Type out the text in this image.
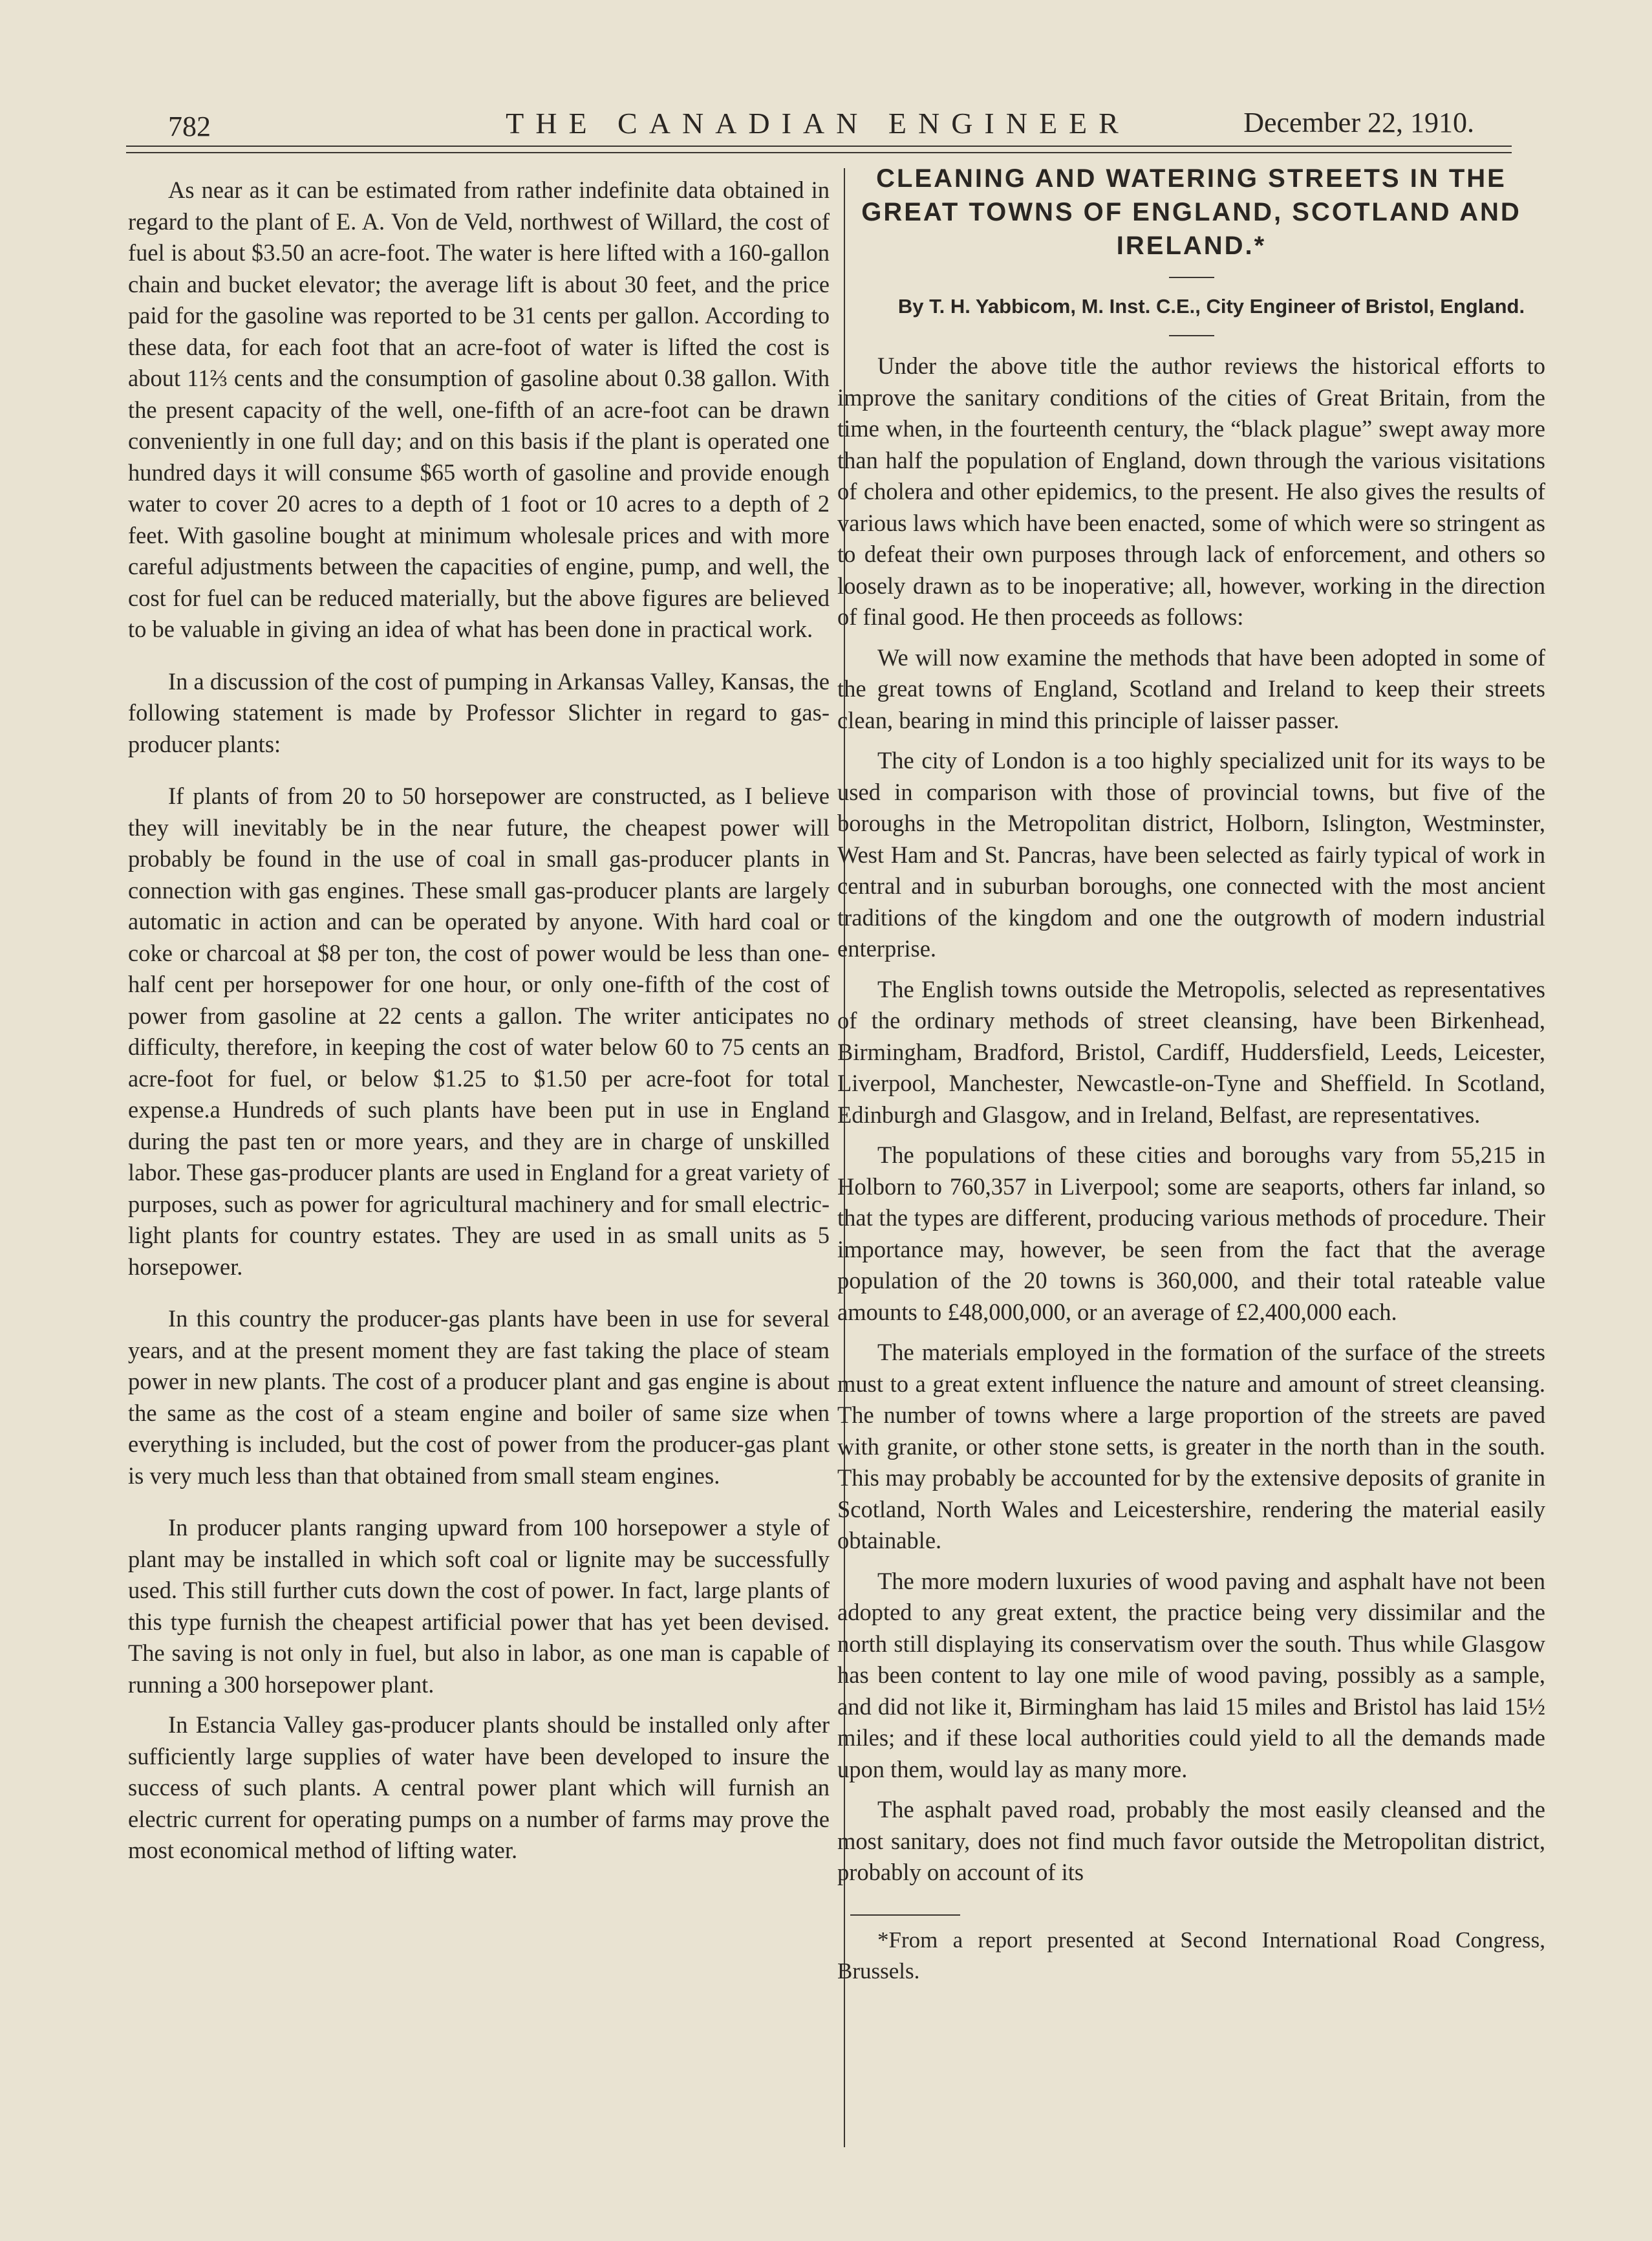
782	THE CANADIAN ENGINEER	December 22, 1910.

As near as it can be estimated from rather indefinite data obtained in regard to the plant of E. A. Von de Veld, northwest of Willard, the cost of fuel is about $3.50 an acre-foot. The water is here lifted with a 160-gallon chain and bucket elevator; the average lift is about 30 feet, and the price paid for the gasoline was reported to be 31 cents per gallon. According to these data, for each foot that an acre-foot of water is lifted the cost is about 11⅔ cents and the consumption of gasoline about 0.38 gallon. With the present capacity of the well, one-fifth of an acre-foot can be drawn conveniently in one full day; and on this basis if the plant is operated one hundred days it will consume $65 worth of gasoline and provide enough water to cover 20 acres to a depth of 1 foot or 10 acres to a depth of 2 feet. With gasoline bought at minimum wholesale prices and with more careful adjustments between the capacities of engine, pump, and well, the cost for fuel can be reduced materially, but the above figures are believed to be valuable in giving an idea of what has been done in practical work.

In a discussion of the cost of pumping in Arkansas Valley, Kansas, the following statement is made by Professor Slichter in regard to gas-producer plants:

If plants of from 20 to 50 horsepower are constructed, as I believe they will inevitably be in the near future, the cheapest power will probably be found in the use of coal in small gas-producer plants in connection with gas engines. These small gas-producer plants are largely automatic in action and can be operated by anyone. With hard coal or coke or charcoal at $8 per ton, the cost of power would be less than one-half cent per horsepower for one hour, or only one-fifth of the cost of power from gasoline at 22 cents a gallon. The writer anticipates no difficulty, therefore, in keeping the cost of water below 60 to 75 cents an acre-foot for fuel, or below $1.25 to $1.50 per acre-foot for total expense.a Hundreds of such plants have been put in use in England during the past ten or more years, and they are in charge of unskilled labor. These gas-producer plants are used in England for a great variety of purposes, such as power for agricultural machinery and for small electric-light plants for country estates. They are used in as small units as 5 horsepower.

In this country the producer-gas plants have been in use for several years, and at the present moment they are fast taking the place of steam power in new plants. The cost of a producer plant and gas engine is about the same as the cost of a steam engine and boiler of same size when everything is included, but the cost of power from the producer-gas plant is very much less than that obtained from small steam engines.

In producer plants ranging upward from 100 horsepower a style of plant may be installed in which soft coal or lignite may be successfully used. This still further cuts down the cost of power. In fact, large plants of this type furnish the cheapest artificial power that has yet been devised. The saving is not only in fuel, but also in labor, as one man is capable of running a 300 horsepower plant.

In Estancia Valley gas-producer plants should be installed only after sufficiently large supplies of water have been developed to insure the success of such plants. A central power plant which will furnish an electric current for operating pumps on a number of farms may prove the most economical method of lifting water.

CLEANING AND WATERING STREETS IN THE GREAT TOWNS OF ENGLAND, SCOTLAND AND IRELAND.*

By T. H. Yabbicom, M. Inst. C.E., City Engineer of Bristol, England.

Under the above title the author reviews the historical efforts to improve the sanitary conditions of the cities of Great Britain, from the time when, in the fourteenth century, the “black plague” swept away more than half the population of England, down through the various visitations of cholera and other epidemics, to the present. He also gives the results of various laws which have been enacted, some of which were so stringent as to defeat their own purposes through lack of enforcement, and others so loosely drawn as to be inoperative; all, however, working in the direction of final good. He then proceeds as follows:

We will now examine the methods that have been adopted in some of the great towns of England, Scotland and Ireland to keep their streets clean, bearing in mind this principle of laisser passer.

The city of London is a too highly specialized unit for its ways to be used in comparison with those of provincial towns, but five of the boroughs in the Metropolitan district, Holborn, Islington, Westminster, West Ham and St. Pancras, have been selected as fairly typical of work in central and in suburban boroughs, one connected with the most ancient traditions of the kingdom and one the outgrowth of modern industrial enterprise.

The English towns outside the Metropolis, selected as representatives of the ordinary methods of street cleansing, have been Birkenhead, Birmingham, Bradford, Bristol, Cardiff, Huddersfield, Leeds, Leicester, Liverpool, Manchester, Newcastle-on-Tyne and Sheffield. In Scotland, Edinburgh and Glasgow, and in Ireland, Belfast, are representatives.

The populations of these cities and boroughs vary from 55,215 in Holborn to 760,357 in Liverpool; some are seaports, others far inland, so that the types are different, producing various methods of procedure. Their importance may, however, be seen from the fact that the average population of the 20 towns is 360,000, and their total rateable value amounts to £48,000,000, or an average of £2,400,000 each.

The materials employed in the formation of the surface of the streets must to a great extent influence the nature and amount of street cleansing. The number of towns where a large proportion of the streets are paved with granite, or other stone setts, is greater in the north than in the south. This may probably be accounted for by the extensive deposits of granite in Scotland, North Wales and Leicestershire, rendering the material easily obtainable.

The more modern luxuries of wood paving and asphalt have not been adopted to any great extent, the practice being very dissimilar and the north still displaying its conservatism over the south. Thus while Glasgow has been content to lay one mile of wood paving, possibly as a sample, and did not like it, Birmingham has laid 15 miles and Bristol has laid 15½ miles; and if these local authorities could yield to all the demands made upon them, would lay as many more.

The asphalt paved road, probably the most easily cleansed and the most sanitary, does not find much favor outside the Metropolitan district, probably on account of its

*From a report presented at Second International Road Congress, Brussels.
